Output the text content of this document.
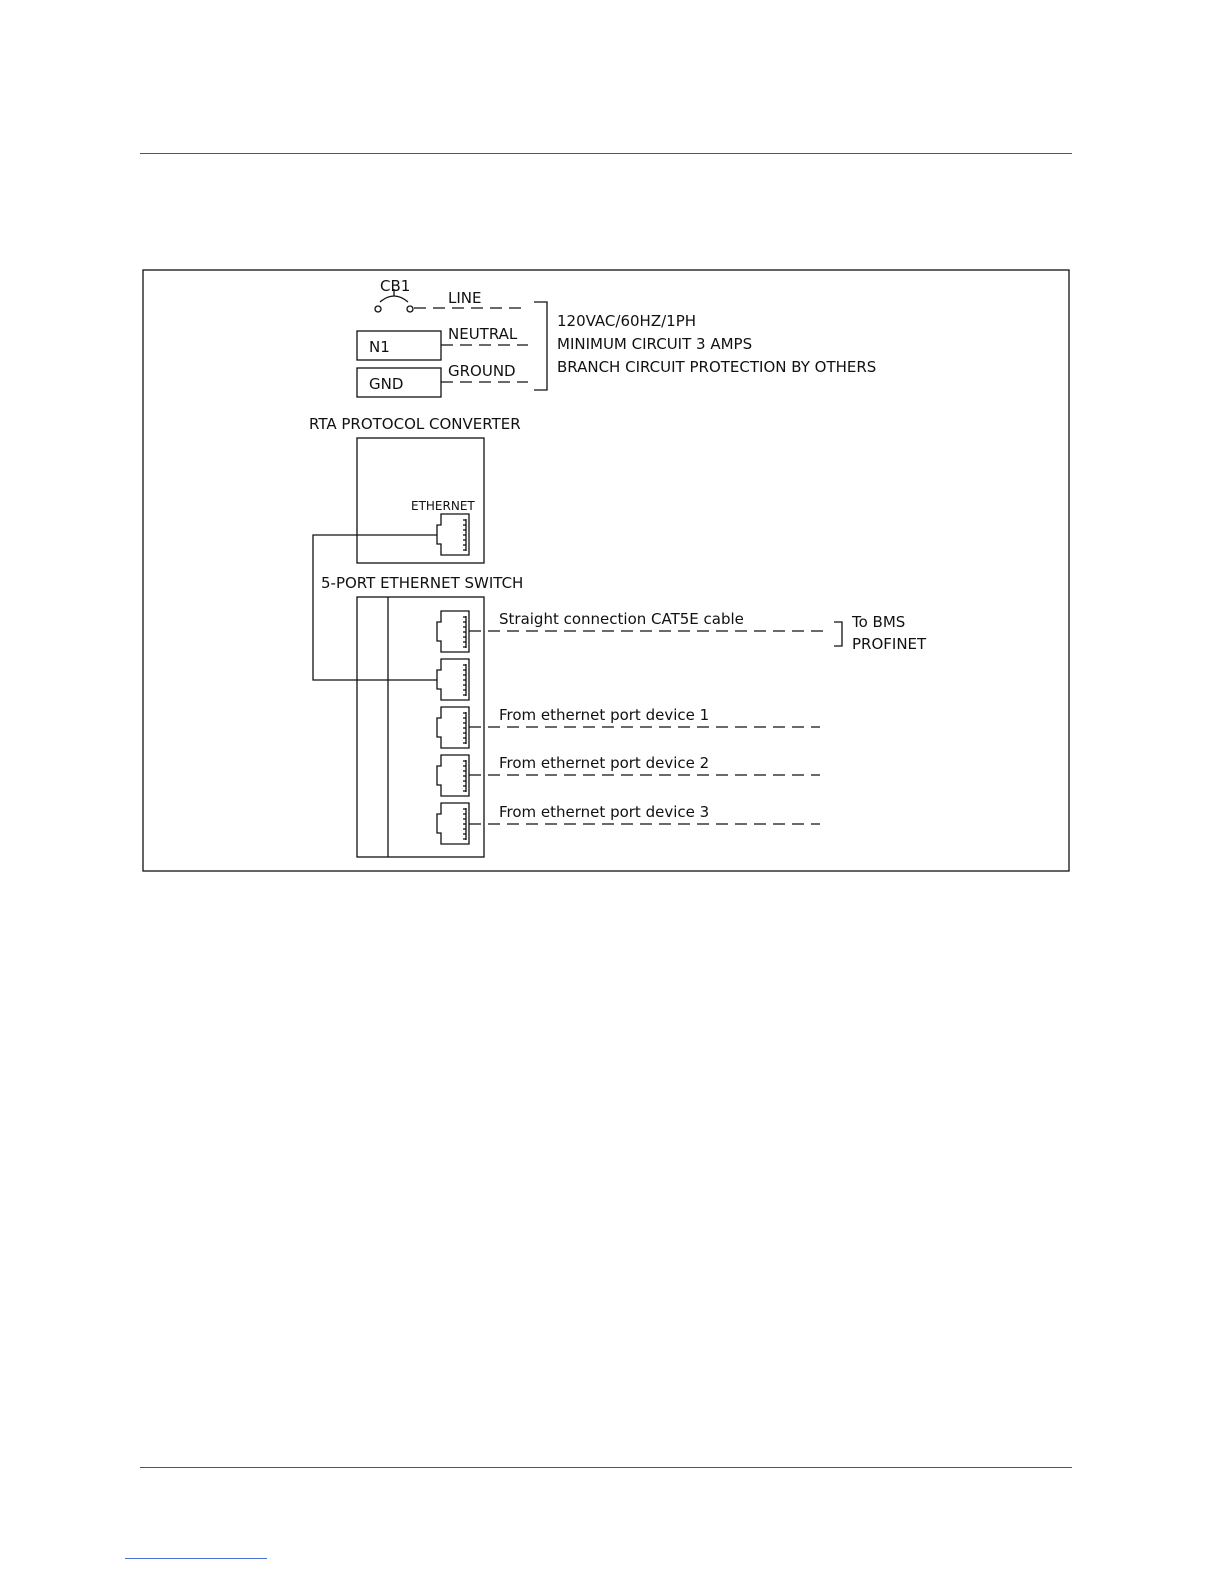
CB1
LINE
N1
NEUTRAL
GND
GROUND
120VAC/60HZ/1PH
MINIMUM CIRCUIT 3 AMPS
BRANCH CIRCUIT PROTECTION BY OTHERS
RTA PROTOCOL CONVERTER
ETHERNET
5-PORT ETHERNET SWITCH
Straight connection CAT5E cable	To BMS
PROFINET
From ethernet port device 1
From ethernet port device 2
From ethernet port device 3
